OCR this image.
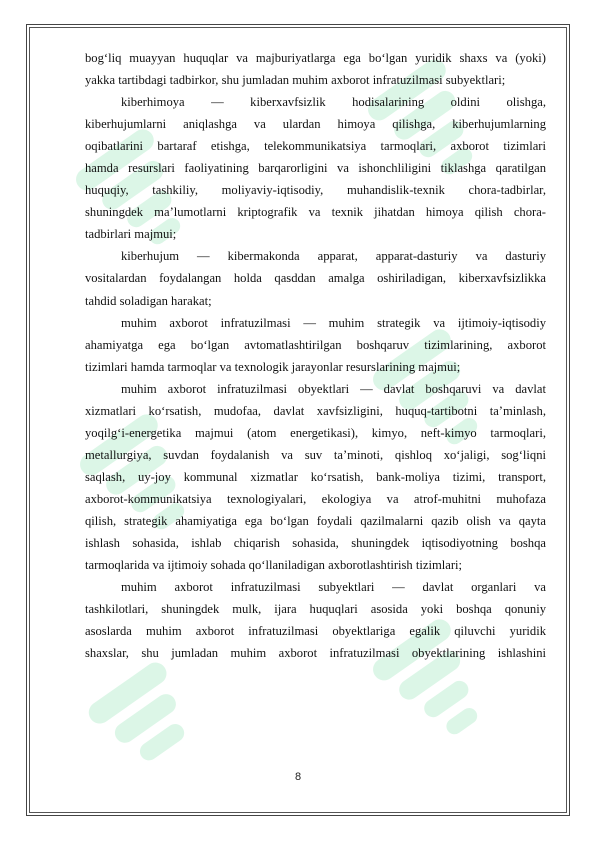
bog‘liq muayyan huquqlar va majburiyatlarga ega bo‘lgan yuridik shaxs va (yoki)
yakka tartibdagi tadbirkor, shu jumladan muhim axborot infratuzilmasi subyektlari;
kiberhimoya — kiberxavfsizlik hodisalarining oldini olishga,
kiberhujumlarni aniqlashga va ulardan himoya qilishga, kiberhujumlarning
oqibatlarini bartaraf etishga, telekommunikatsiya tarmoqlari, axborot tizimlari
hamda resurslari faoliyatining barqarorligini va ishonchliligini tiklashga qaratilgan
huquqiy, tashkiliy, moliyaviy-iqtisodiy, muhandislik-texnik chora-tadbirlar,
shuningdek ma’lumotlarni kriptografik va texnik jihatdan himoya qilish chora-
tadbirlari majmui;
kiberhujum — kibermakonda apparat, apparat-dasturiy va dasturiy
vositalardan foydalangan holda qasddan amalga oshiriladigan, kiberxavfsizlikka
tahdid soladigan harakat;
muhim axborot infratuzilmasi — muhim strategik va ijtimoiy-iqtisodiy
ahamiyatga ega bo‘lgan avtomatlashtirilgan boshqaruv tizimlarining, axborot
tizimlari hamda tarmoqlar va texnologik jarayonlar resurslarining majmui;
muhim axborot infratuzilmasi obyektlari — davlat boshqaruvi va davlat
xizmatlari ko‘rsatish, mudofaa, davlat xavfsizligini, huquq-tartibotni ta’minlash,
yoqilg‘i-energetika majmui (atom energetikasi), kimyo, neft-kimyo tarmoqlari,
metallurgiya, suvdan foydalanish va suv ta’minoti, qishloq xo‘jaligi, sog‘liqni
saqlash, uy-joy kommunal xizmatlar ko‘rsatish, bank-moliya tizimi, transport,
axborot-kommunikatsiya texnologiyalari, ekologiya va atrof-muhitni muhofaza
qilish, strategik ahamiyatiga ega bo‘lgan foydali qazilmalarni qazib olish va qayta
ishlash sohasida, ishlab chiqarish sohasida, shuningdek iqtisodiyotning boshqa
tarmoqlarida va ijtimoiy sohada qo‘llaniladigan axborotlashtirish tizimlari;
muhim axborot infratuzilmasi subyektlari — davlat organlari va
tashkilotlari, shuningdek mulk, ijara huquqlari asosida yoki boshqa qonuniy
asoslarda muhim axborot infratuzilmasi obyektlariga egalik qiluvchi yuridik
shaxslar, shu jumladan muhim axborot infratuzilmasi obyektlarining ishlashini
8
